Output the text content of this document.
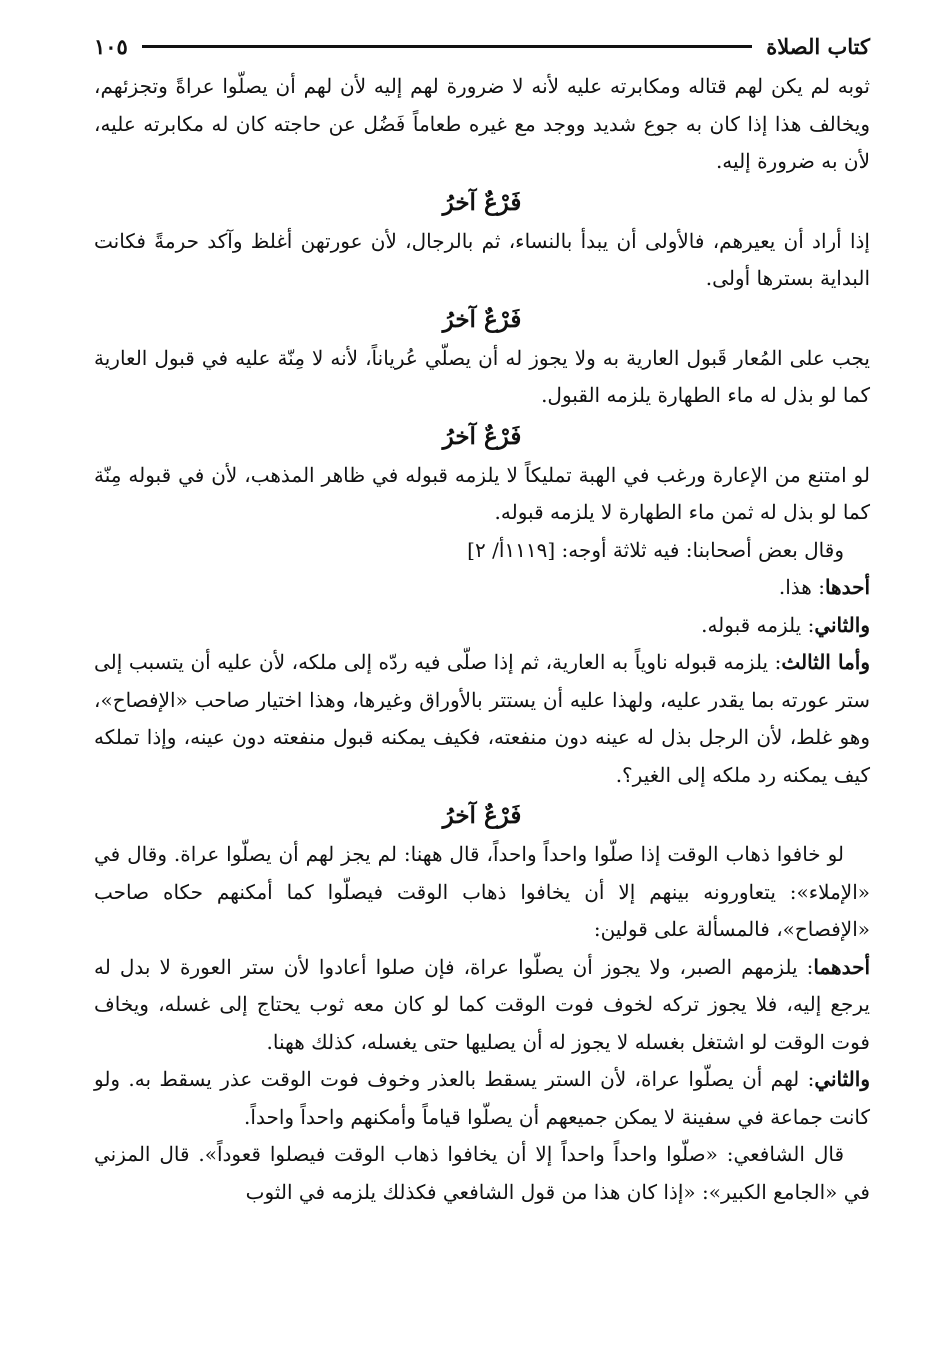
كتاب الصلاة
١٠٥

ثوبه لم يكن لهم قتاله ومكابرته عليه لأنه لا ضرورة لهم إليه لأن لهم أن يصلّوا عراةً وتجزئهم، ويخالف هذا إذا كان به جوع شديد ووجد مع غيره طعاماً فَضُل عن حاجته كان له مكابرته عليه، لأن به ضرورة إليه.

فَرْعٌ آخرُ

إذا أراد أن يعيرهم، فالأولى أن يبدأ بالنساء، ثم بالرجال، لأن عورتهن أغلظ وآكد حرمةً فكانت البداية بسترها أولى.

فَرْعٌ آخرُ

يجب على المُعار قَبول العارية به ولا يجوز له أن يصلّي عُرياناً، لأنه لا مِنّة عليه في قبول العارية كما لو بذل له ماء الطهارة يلزمه القبول.

فَرْعٌ آخرُ

لو امتنع من الإعارة ورغب في الهبة تمليكاً لا يلزمه قبوله في ظاهر المذهب، لأن في قبوله مِنّة كما لو بذل له ثمن ماء الطهارة لا يلزمه قبوله.

وقال بعض أصحابنا: فيه ثلاثة أوجه: [١١١٩أ/ ٢]

أحدها: هذا.

والثاني: يلزمه قبوله.

وأما الثالث: يلزمه قبوله ناوياً به العارية، ثم إذا صلّى فيه ردّه إلى ملكه، لأن عليه أن يتسبب إلى ستر عورته بما يقدر عليه، ولهذا عليه أن يستتر بالأوراق وغيرها، وهذا اختيار صاحب «الإفصاح»، وهو غلط، لأن الرجل بذل له عينه دون منفعته، فكيف يمكنه قبول منفعته دون عينه، وإذا تملكه كيف يمكنه رد ملكه إلى الغير؟.

فَرْعٌ آخرُ

لو خافوا ذهاب الوقت إذا صلّوا واحداً واحداً، قال ههنا: لم يجز لهم أن يصلّوا عراة. وقال في «الإملاء»: يتعاورونه بينهم إلا أن يخافوا ذهاب الوقت فيصلّوا كما أمكنهم حكاه صاحب «الإفصاح»، فالمسألة على قولين:

أحدهما: يلزمهم الصبر، ولا يجوز أن يصلّوا عراة، فإن صلوا أعادوا لأن ستر العورة لا بدل له يرجع إليه، فلا يجوز تركه لخوف فوت الوقت كما لو كان معه ثوب يحتاج إلى غسله، ويخاف فوت الوقت لو اشتغل بغسله لا يجوز له أن يصليها حتى يغسله، كذلك ههنا.

والثاني: لهم أن يصلّوا عراة، لأن الستر يسقط بالعذر وخوف فوت الوقت عذر يسقط به. ولو كانت جماعة في سفينة لا يمكن جميعهم أن يصلّوا قياماً وأمكنهم واحداً واحداً.

قال الشافعي: «صلّوا واحداً واحداً إلا أن يخافوا ذهاب الوقت فيصلوا قعوداً». قال المزني في «الجامع الكبير»: «إذا كان هذا من قول الشافعي فكذلك يلزمه في الثوب
